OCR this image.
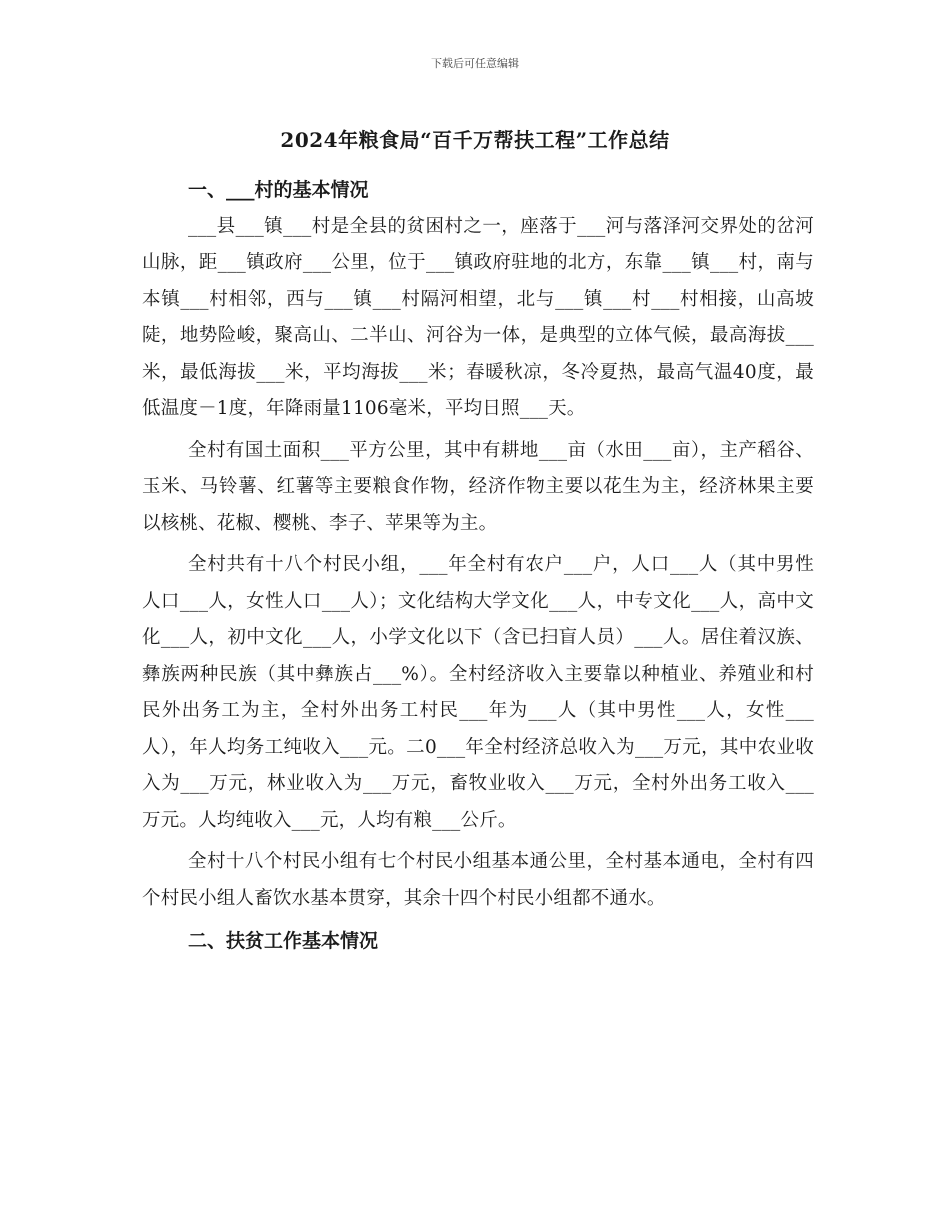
下载后可任意编辑
2024年粮食局“百千万帮扶工程”工作总结

一、___村的基本情况

___县___镇___村是全县的贫困村之一，座落于___河与落泽河交界处的岔河山脉，距___镇政府___公里，位于___镇政府驻地的北方，东靠___镇___村，南与本镇___村相邻，西与___镇___村隔河相望，北与___镇___村___村相接，山高坡陡，地势险峻，聚高山、二半山、河谷为一体，是典型的立体气候，最高海拔___米，最低海拔___米，平均海拔___米；春暖秋凉，冬冷夏热，最高气温40度，最低温度－1度，年降雨量1106毫米，平均日照___天。

全村有国土面积___平方公里，其中有耕地___亩（水田___亩），主产稻谷、玉米、马铃薯、红薯等主要粮食作物，经济作物主要以花生为主，经济林果主要以核桃、花椒、樱桃、李子、苹果等为主。

全村共有十八个村民小组，___年全村有农户___户，人口___人（其中男性人口___人，女性人口___人）；文化结构大学文化___人，中专文化___人，高中文化___人，初中文化___人，小学文化以下（含已扫盲人员）___人。居住着汉族、彝族两种民族（其中彝族占___%）。全村经济收入主要靠以种植业、养殖业和村民外出务工为主，全村外出务工村民___年为___人（其中男性___人，女性___人），年人均务工纯收入___元。二0___年全村经济总收入为___万元，其中农业收入为___万元，林业收入为___万元，畜牧业收入___万元，全村外出务工收入___万元。人均纯收入___元，人均有粮___公斤。

全村十八个村民小组有七个村民小组基本通公里，全村基本通电，全村有四个村民小组人畜饮水基本贯穿，其余十四个村民小组都不通水。

二、扶贫工作基本情况
